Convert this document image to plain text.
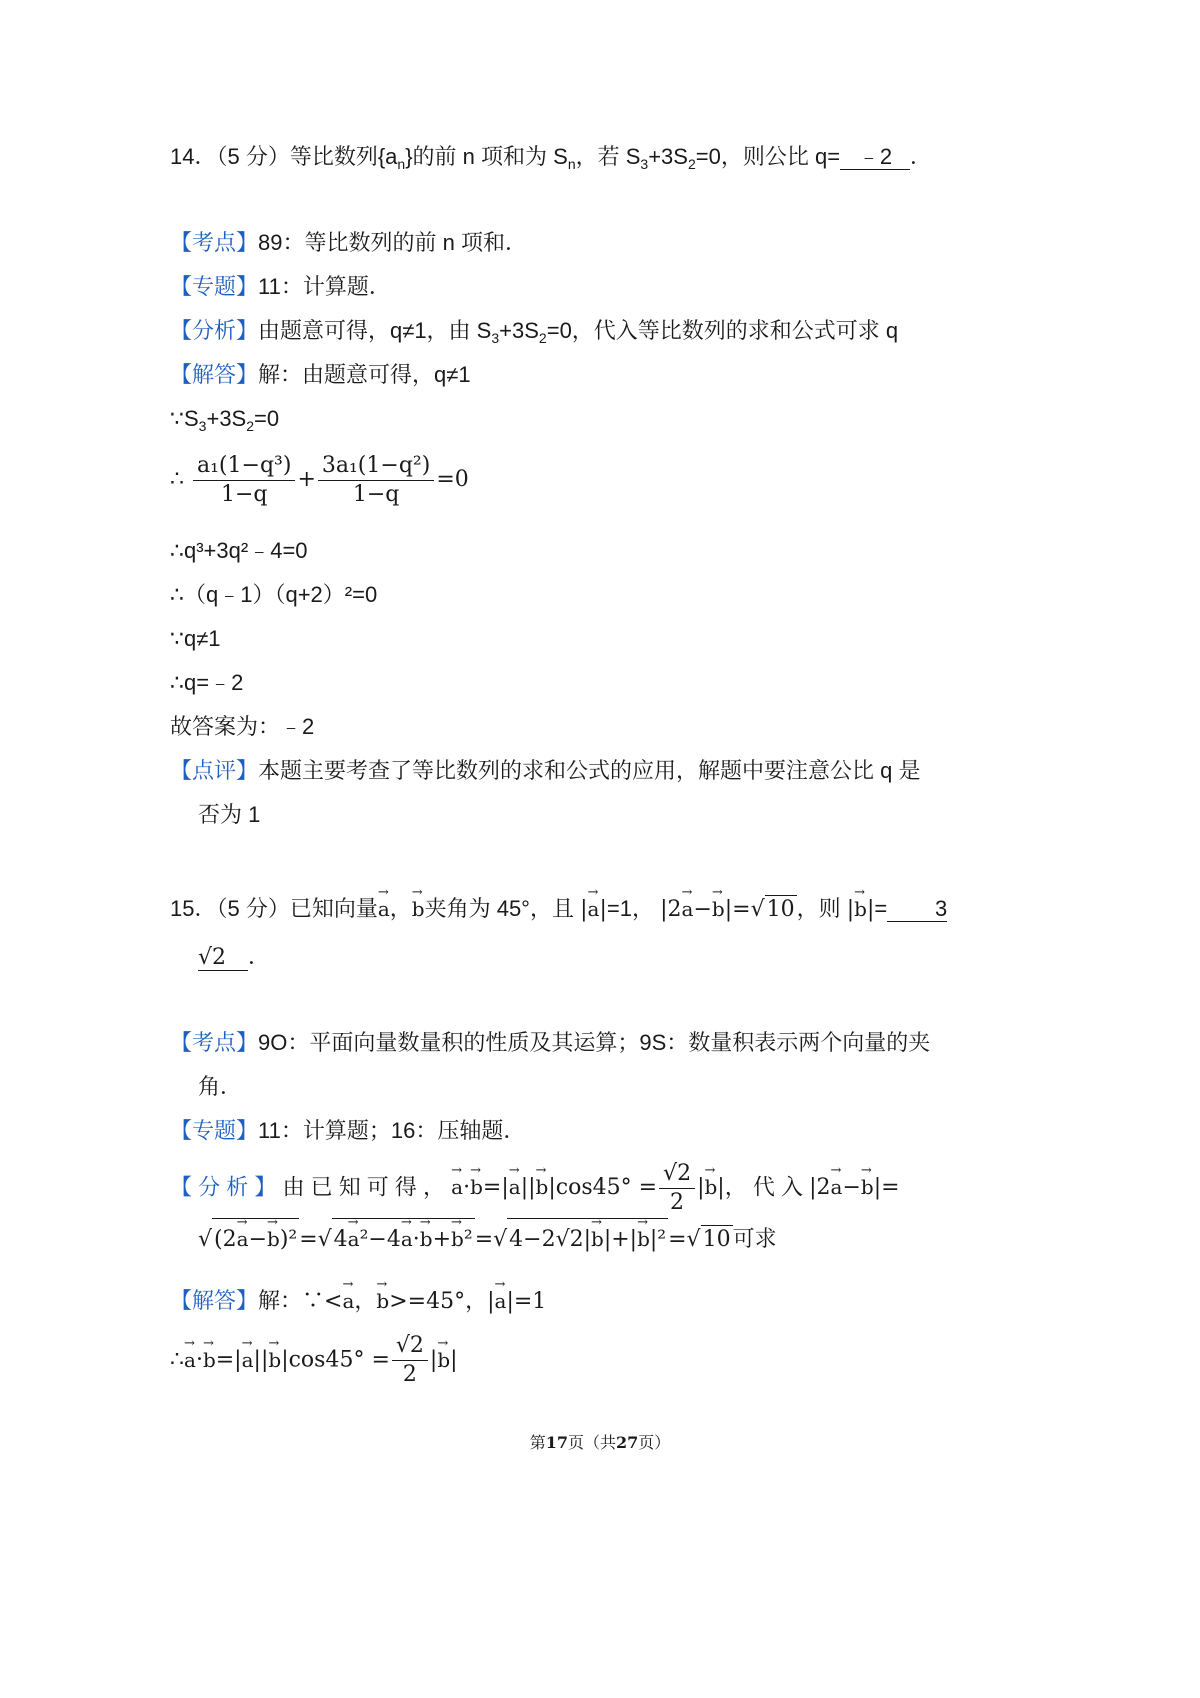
14．（5 分）等比数列$\{a_n\}$的前 n 项和为 $S_n$，若 $S_3+3S_2=0$，则公比 q= ﹣2 ．
【考点】89：等比数列的前 n 项和．
【专题】11：计算题．
【分析】由题意可得，q≠1，由 $S_3+3S_2=0$，代入等比数列的求和公式可求 q
【解答】解：由题意可得，q≠1
$\because S_3+3S_2=0$
∴ $\frac{\text{a₁(1−q³)}}{1-q} + \frac{\text{3a₁(1−q²)}}{1-q} =0$
∴q³+3q²﹣4=0
∴（q﹣1）（q+2）²=0
∵q≠1
∴q=﹣2
故答案为：﹣2
【点评】本题主要考查了等比数列的求和公式的应用，解题中要注意公比 q 是
否为 1
15．（5 分）已知向量→ a，→ b夹角为 45°，且 |→ a|=1， |2→ a−→ b|=√10，则 |→ b|= 3
√2 ．
【考点】9O：平面向量数量积的性质及其运算；9S：数量积表示两个向量的夹
角．
【专题】11：计算题；16：压轴题．
【 分 析 】 由 已 知 可 得 ， → $a\cdot\to b=|\to a||\to b|\cos 45^\circ = \frac{√2}{2}$ |→ b|， 代 入 |2→ a−→ b|=
√(2→ a−→ b)²=√4→ a²−4→ a·→ b+→ b²=√4−2√2|→ b|+|→ b|²=√10可求
【解答】解：∵<→ a，→ b>=45°，|→ a|=1
∴→ $a\cdot\to b=|\to a||\to b|\cos 45^\circ = \frac{√2}{2}$ |→ b|
第17页（共27页）
